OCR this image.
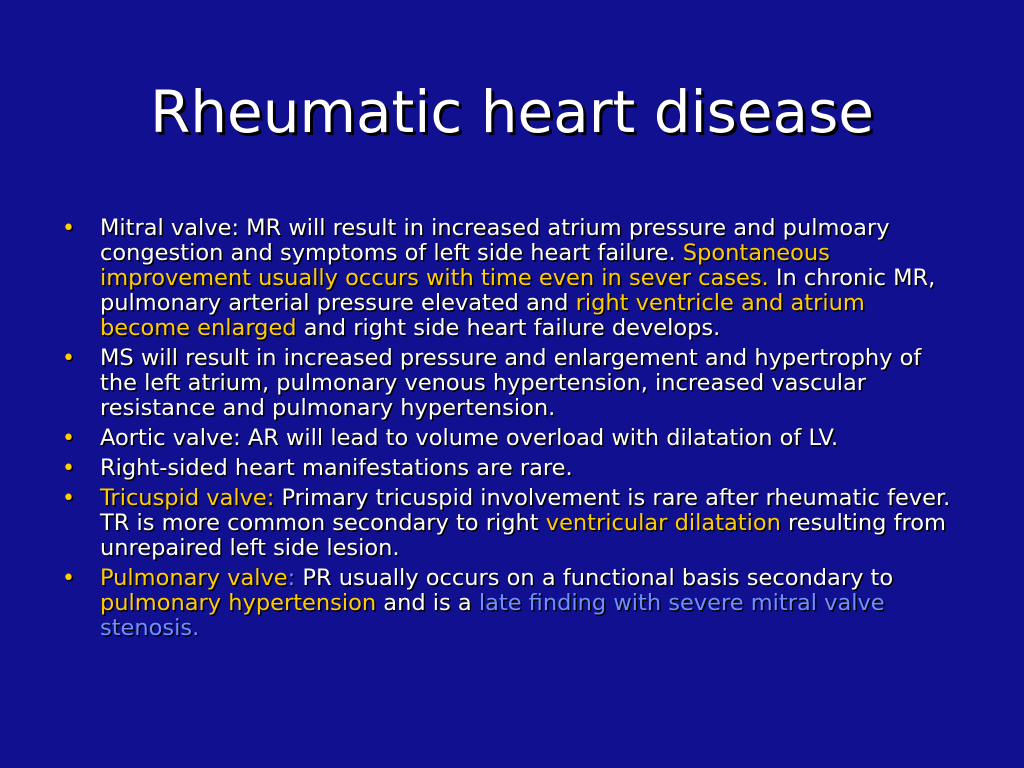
Rheumatic heart disease
• Mitral valve: MR will result in increased atrium pressure and pulmoary congestion and symptoms of left side heart failure. Spontaneous improvement usually occurs with time even in sever cases. In chronic MR, pulmonary arterial pressure elevated and right ventricle and atrium become enlarged and right side heart failure develops.
• MS will result in increased pressure and enlargement and hypertrophy of the left atrium, pulmonary venous hypertension, increased vascular resistance and pulmonary hypertension.
• Aortic valve: AR will lead to volume overload with dilatation of LV.
• Right-sided heart manifestations are rare.
• Tricuspid valve: Primary tricuspid involvement is rare after rheumatic fever. TR is more common secondary to right ventricular dilatation resulting from unrepaired left side lesion.
• Pulmonary valve: PR usually occurs on a functional basis secondary to pulmonary hypertension and is a late finding with severe mitral valve stenosis.
